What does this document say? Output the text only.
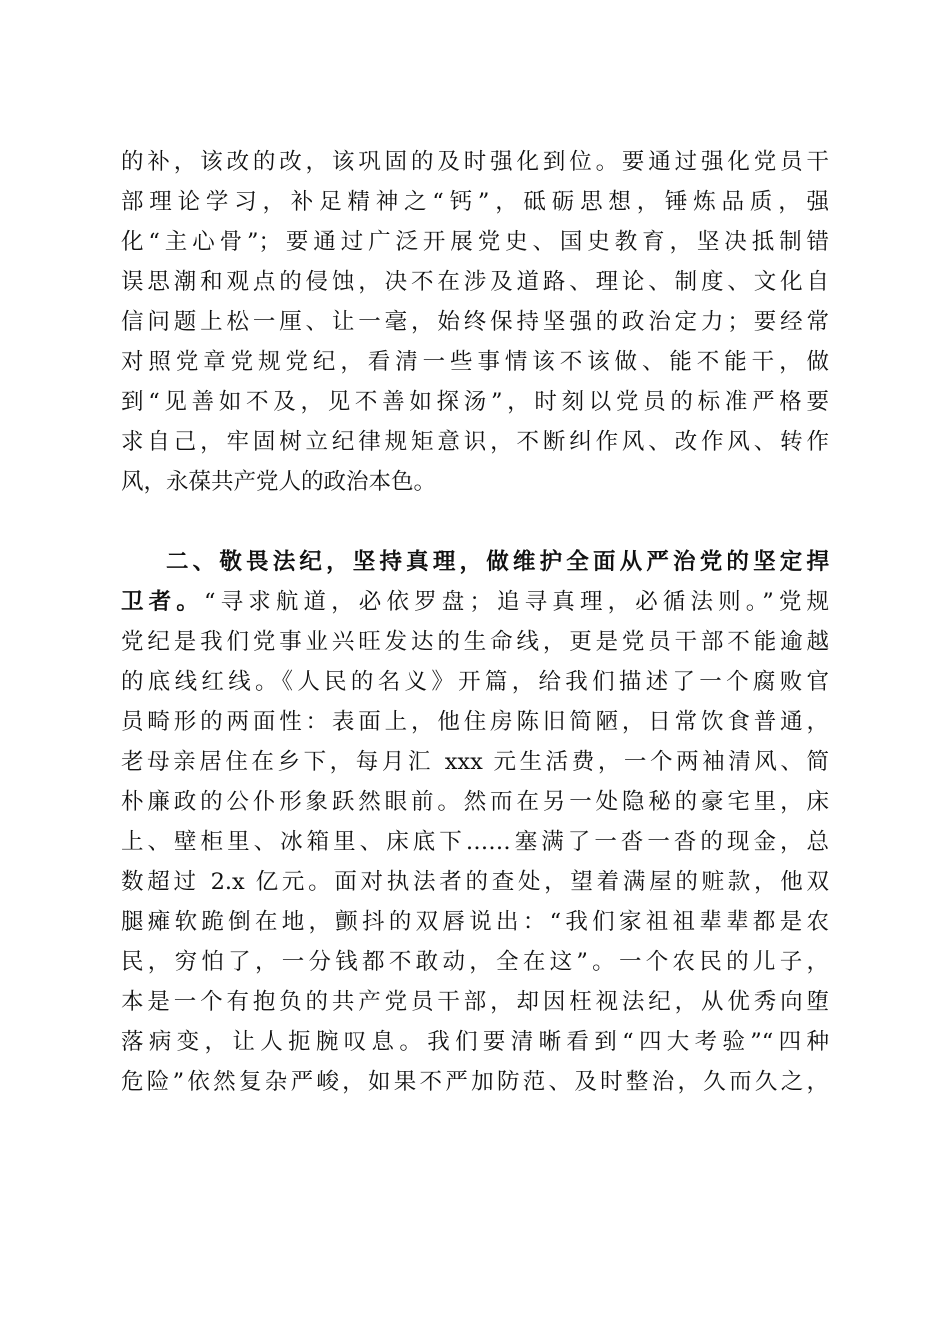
的补，该改的改，该巩固的及时强化到位。要通过强化党员干
部理论学习，补足精神之“钙”，砥砺思想，锤炼品质，强
化“主心骨”；要通过广泛开展党史、国史教育，坚决抵制错
误思潮和观点的侵蚀，决不在涉及道路、理论、制度、文化自
信问题上松一厘、让一毫，始终保持坚强的政治定力；要经常
对照党章党规党纪，看清一些事情该不该做、能不能干，做
到“见善如不及，见不善如探汤”，时刻以党员的标准严格要
求自己，牢固树立纪律规矩意识，不断纠作风、改作风、转作
风，永葆共产党人的政治本色。
二、敬畏法纪，坚持真理，做维护全面从严治党的坚定捍
卫者。“寻求航道，必依罗盘；追寻真理，必循法则。”党规
党纪是我们党事业兴旺发达的生命线，更是党员干部不能逾越
的底线红线。《人民的名义》开篇，给我们描述了一个腐败官
员畸形的两面性：表面上，他住房陈旧简陋，日常饮食普通，
老母亲居住在乡下，每月汇 xxx 元生活费，一个两袖清风、简
朴廉政的公仆形象跃然眼前。然而在另一处隐秘的豪宅里，床
上、壁柜里、冰箱里、床底下……塞满了一沓一沓的现金，总
数超过 2.x 亿元。面对执法者的查处，望着满屋的赃款，他双
腿瘫软跪倒在地，颤抖的双唇说出：“我们家祖祖辈辈都是农
民，穷怕了，一分钱都不敢动，全在这”。一个农民的儿子，
本是一个有抱负的共产党员干部，却因枉视法纪，从优秀向堕
落病变，让人扼腕叹息。我们要清晰看到“四大考验”“四种
危险”依然复杂严峻，如果不严加防范、及时整治，久而久之，
